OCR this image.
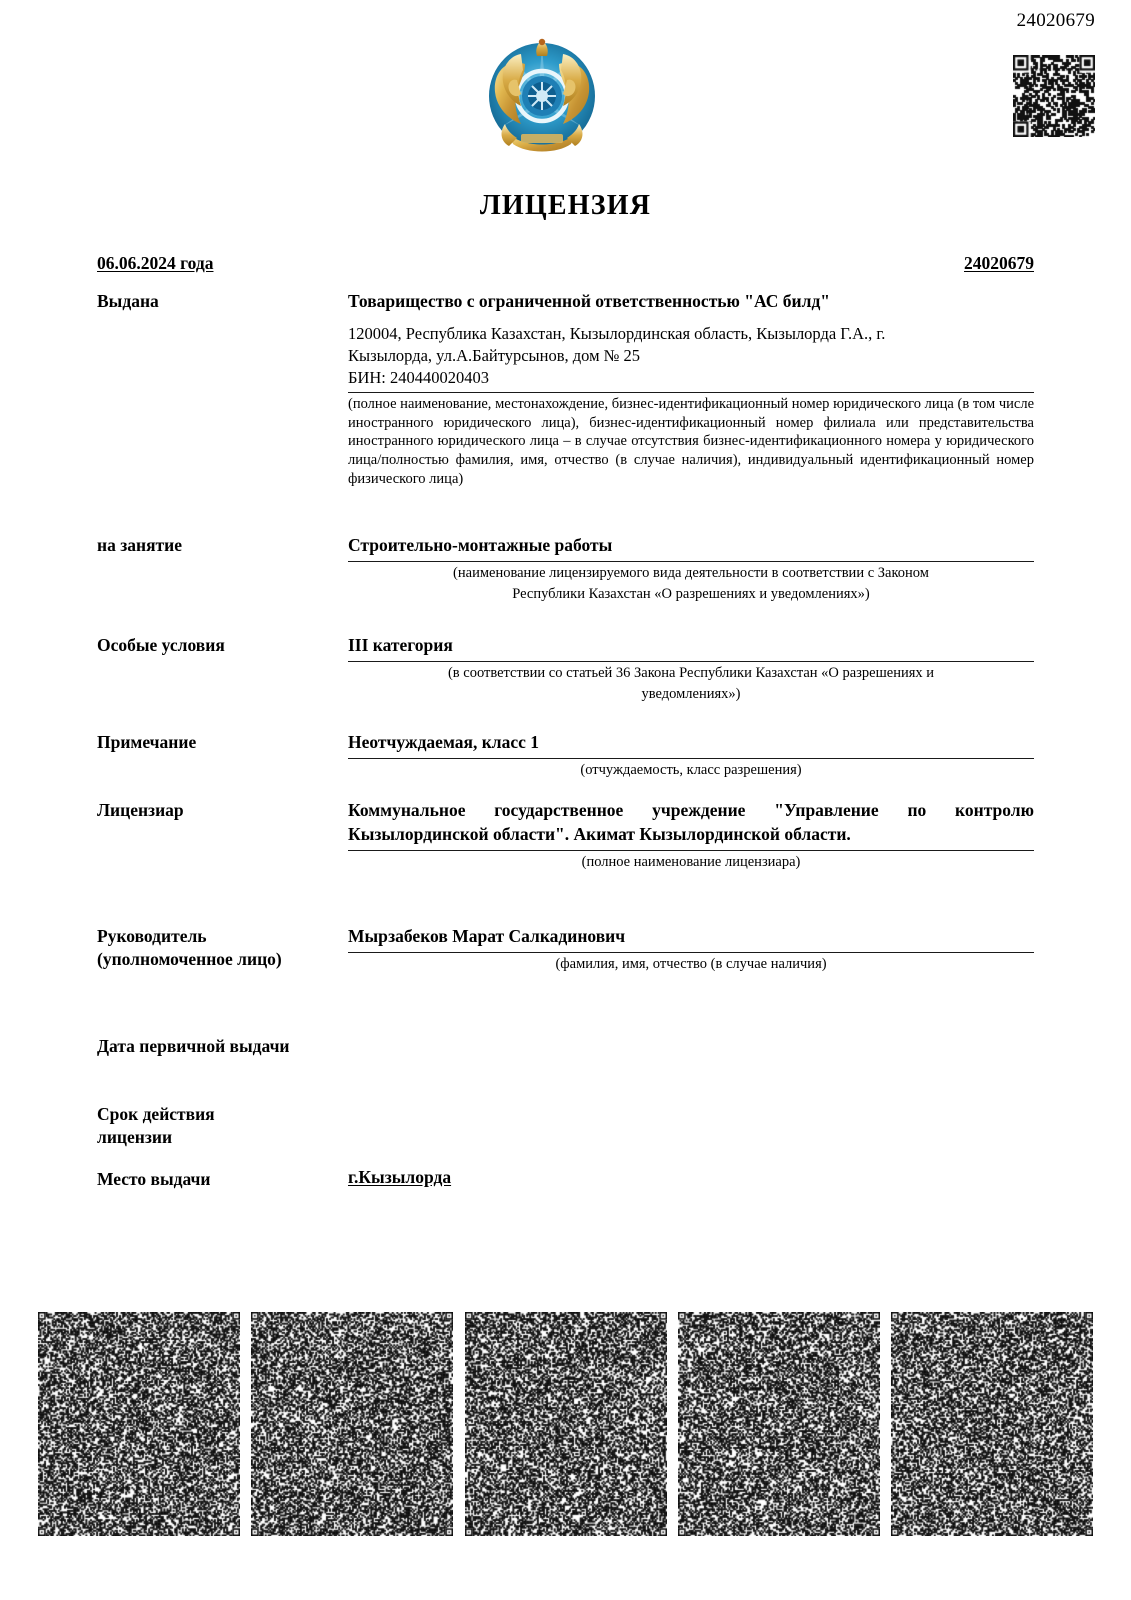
24020679
ЛИЦЕНЗИЯ
06.06.2024 года	24020679
Выдана	Товарищество с ограниченной ответственностью "АС билд"
120004, Республика Казахстан, Кызылординская область, Кызылорда Г.А., г.
Кызылорда, ул.А.Байтурсынов, дом № 25
БИН: 240440020403
(полное наименование, местонахождение, бизнес-идентификационный номер юридического лица (в том числе иностранного юридического лица), бизнес-идентификационный номер филиала или представительства иностранного юридического лица – в случае отсутствия бизнес-идентификационного номера у юридического лица/полностью фамилия, имя, отчество (в случае наличия), индивидуальный идентификационный номер физического лица)
на занятие	Строительно-монтажные работы
(наименование лицензируемого вида деятельности в соответствии с Законом
Республики Казахстан «О разрешениях и уведомлениях»)
Особые условия	III категория
(в соответствии со статьей 36 Закона Республики Казахстан «О разрешениях и
уведомлениях»)
Примечание	Неотчуждаемая, класс 1
(отчуждаемость, класс разрешения)
Лицензиар	Коммунальное государственное учреждение "Управление по контролю Кызылординской области". Акимат Кызылординской области.
(полное наименование лицензиара)
Руководитель
(уполномоченное лицо)
Мырзабеков Марат Салкадинович
(фамилия, имя, отчество (в случае наличия)
Дата первичной выдачи
Срок действия
лицензии
Место выдачи	г.Кызылорда
